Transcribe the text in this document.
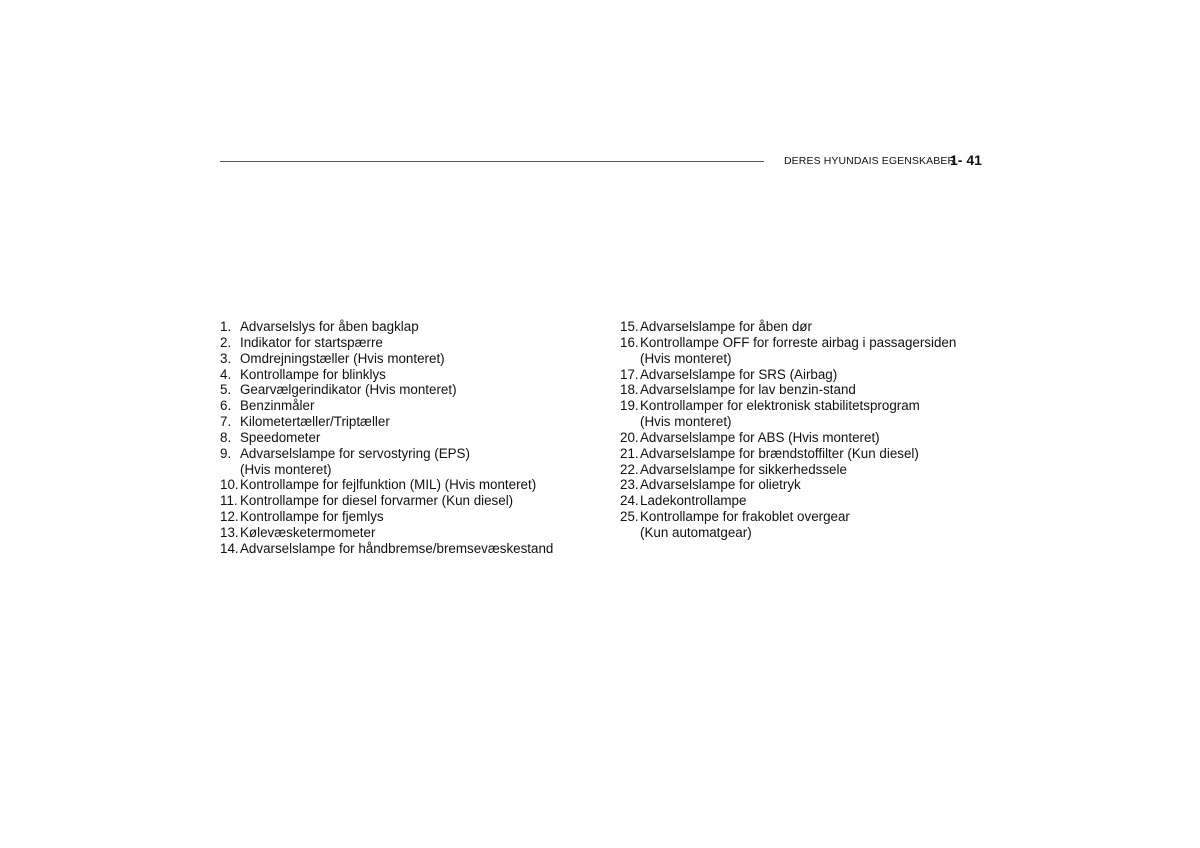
DERES HYUNDAIS EGENSKABER
1- 41
1. Advarselslys for åben bagklap
2. Indikator for startspærre
3. Omdrejningstæller (Hvis monteret)
4. Kontrollampe for blinklys
5. Gearvælgerindikator (Hvis monteret)
6. Benzinmåler
7. Kilometertæller/Triptæller
8. Speedometer
9. Advarselslampe for servostyring (EPS)
(Hvis monteret)
10. Kontrollampe for fejlfunktion (MIL) (Hvis monteret)
11. Kontrollampe for diesel forvarmer (Kun diesel)
12. Kontrollampe for fjemlys
13. Kølevæsketermometer
14. Advarselslampe for håndbremse/bremsevæskestand
15. Advarselslampe for åben dør
16. Kontrollampe OFF for forreste airbag i passagersiden
(Hvis monteret)
17. Advarselslampe for SRS (Airbag)
18. Advarselslampe for lav benzin-stand
19. Kontrollamper for elektronisk stabilitetsprogram
(Hvis monteret)
20. Advarselslampe for ABS (Hvis monteret)
21. Advarselslampe for brændstoffilter (Kun diesel)
22. Advarselslampe for sikkerhedssele
23. Advarselslampe for olietryk
24. Ladekontrollampe
25. Kontrollampe for frakoblet overgear
(Kun automatgear)
